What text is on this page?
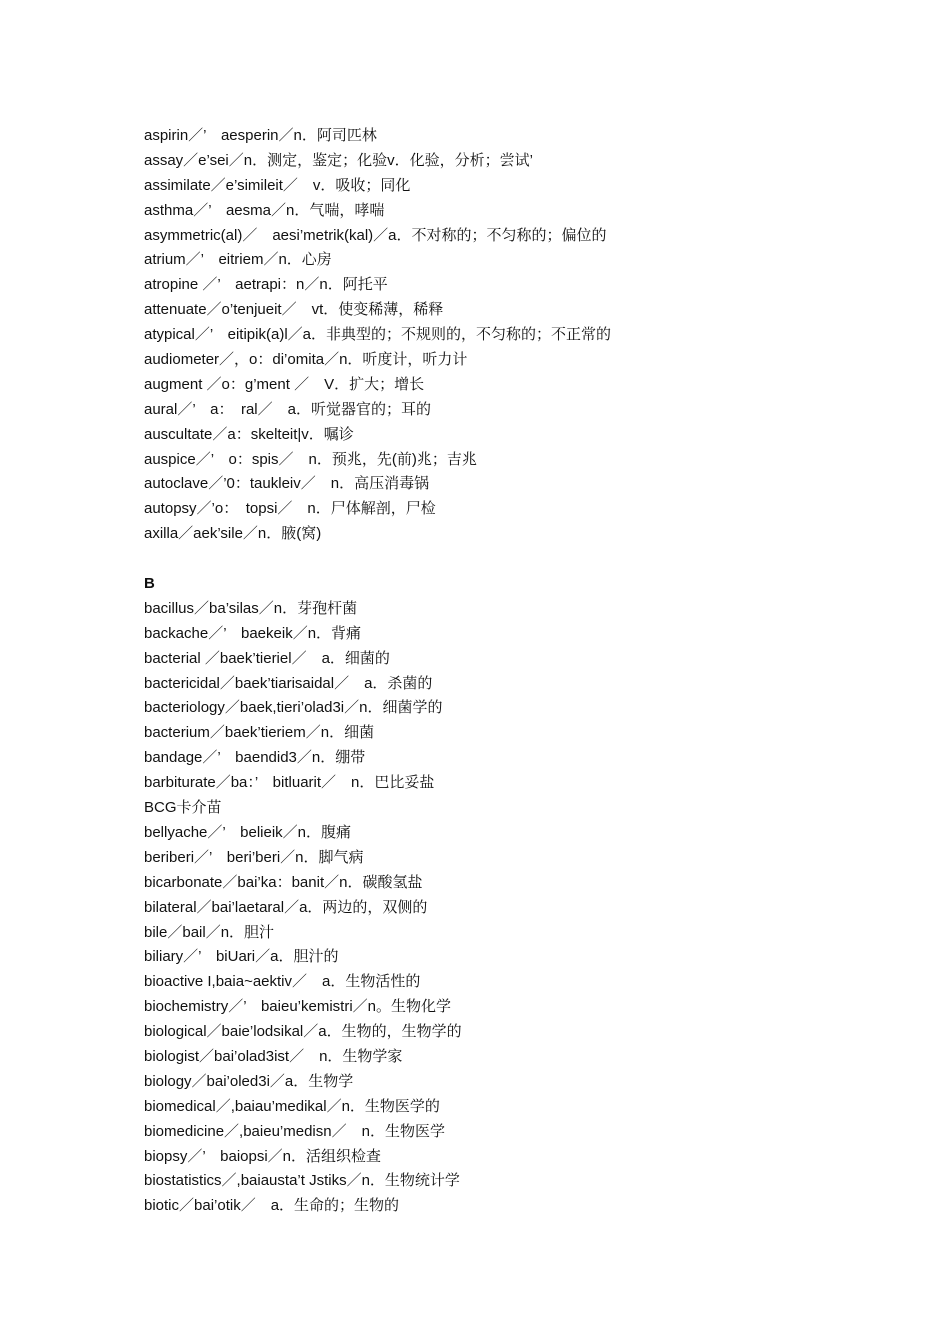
aspirin／’　aesperin／n．阿司匹林
assay／e’sei／n．测定，鉴定；化验v．化验，分析；尝试’
assimilate／e’simileit／　v．吸收；同化
asthma／’　aesma／n．气喘，哮喘
asymmetric(al)／　aesi’metrik(kal)／a．不对称的；不匀称的；偏位的
atrium／’　eitriem／n．心房
atropine ／’　aetrapi：n／n．阿托平
attenuate／o’tenjueit／　vt．使变稀薄，稀释
atypical／’　eitipik(a)l／a．非典型的；不规则的，不匀称的；不正常的
audiometer／，o：di’omita／n．听度计，听力计
augment ／o：g’ment ／　V．扩大；增长
aural／’　a：　ral／　a．听觉器官的；耳的
auscultate／a：skelteit|v．嘱诊
auspice／’　o：spis／　n．预兆，先(前)兆；吉兆
autoclave／’0：taukleiv／　n．高压消毒锅
autopsy／’o：　topsi／　n．尸体解剖，尸检
axilla／aek’sile／n．腋(窝)
B
bacillus／ba’silas／n．芽孢杆菌
backache／’　baekeik／n．背痛
bacterial ／baek’tieriel／　a．细菌的
bactericidal／baek’tiarisaidal／　a．杀菌的
bacteriology／baek,tieri’olad3i／n．细菌学的
bacterium／baek’tieriem／n．细菌
bandage／’　baendid3／n．绷带
barbiturate／ba：’　bitluarit／　n．巴比妥盐
BCG卡介苗
bellyache／’　belieik／n．腹痛
beriberi／’　beri’beri／n．脚气病
bicarbonate／bai’ka：banit／n．碳酸氢盐
bilateral／bai’laetaral／a．两边的，双侧的
bile／bail／n．胆汁
biliary／’　biUari／a．胆汁的
bioactive I,baia~aektiv／　a．生物活性的
biochemistry／’　baieu’kemistri／n。生物化学
biological／baie’lodsikal／a．生物的，生物学的
biologist／bai’olad3ist／　n．生物学家
biology／bai’oled3i／a．生物学
biomedical／,baiau’medikal／n．生物医学的
biomedicine／,baieu’medisn／　n．生物医学
biopsy／’　baiopsi／n．活组织检查
biostatistics／,baiausta’t Jstiks／n．生物统计学
biotic／bai’otik／　a．生命的；生物的
